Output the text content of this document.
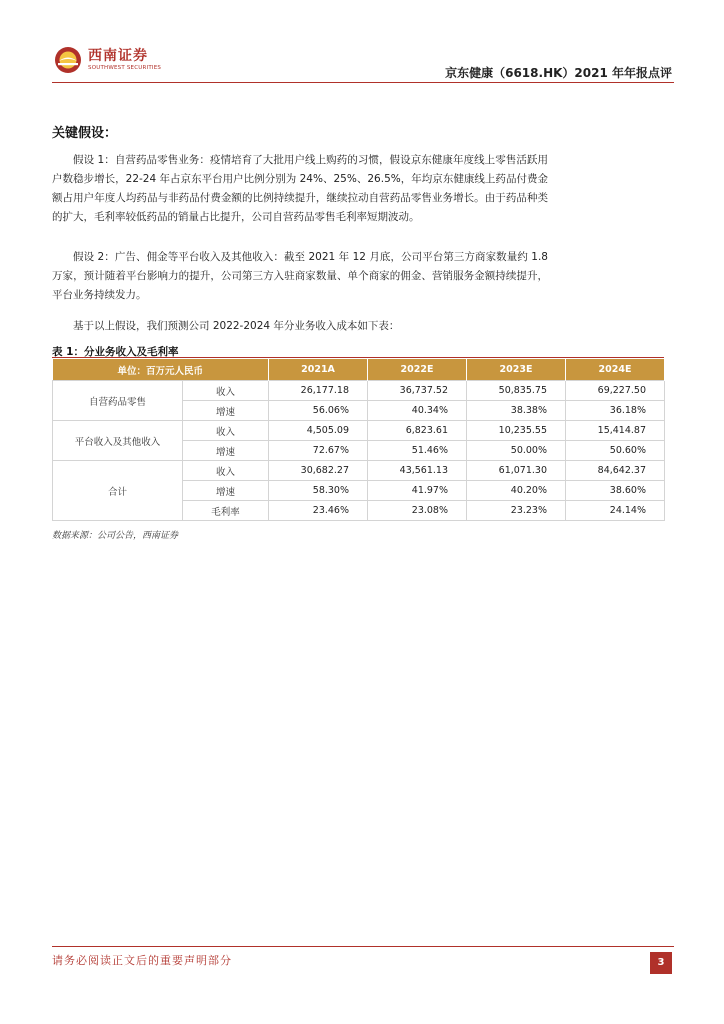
西南证券
SOUTHWEST SECURITIES	京东健康（6618.HK）2021 年年报点评
关键假设：
假设 1：自营药品零售业务：疫情培育了大批用户线上购药的习惯，假设京东健康年度线上零售活跃用户数稳步增长，22-24 年占京东平台用户比例分别为 24%、25%、26.5%，年均京东健康线上药品付费金额占用户年度人均药品与非药品付费金额的比例持续提升，继续拉动自营药品零售业务增长。由于药品种类的扩大，毛利率较低药品的销量占比提升，公司自营药品零售毛利率短期波动。
假设 2：广告、佣金等平台收入及其他收入：截至 2021 年 12 月底，公司平台第三方商家数量约 1.8 万家，预计随着平台影响力的提升，公司第三方入驻商家数量、单个商家的佣金、营销服务金额持续提升，平台业务持续发力。
基于以上假设，我们预测公司 2022-2024 年分业务收入成本如下表：
表 1：分业务收入及毛利率
单位：百万元人民币		2021A	2022E	2023E	2024E
自营药品零售	收入	26,177.18	36,737.52	50,835.75	69,227.50
	增速	56.06%	40.34%	38.38%	36.18%
平台收入及其他收入	收入	4,505.09	6,823.61	10,235.55	15,414.87
	增速	72.67%	51.46%	50.00%	50.60%
合计	收入	30,682.27	43,561.13	61,071.30	84,642.37
	增速	58.30%	41.97%	40.20%	38.60%
	毛利率	23.46%	23.08%	23.23%	24.14%
数据来源：公司公告，西南证券
请务必阅读正文后的重要声明部分	3
